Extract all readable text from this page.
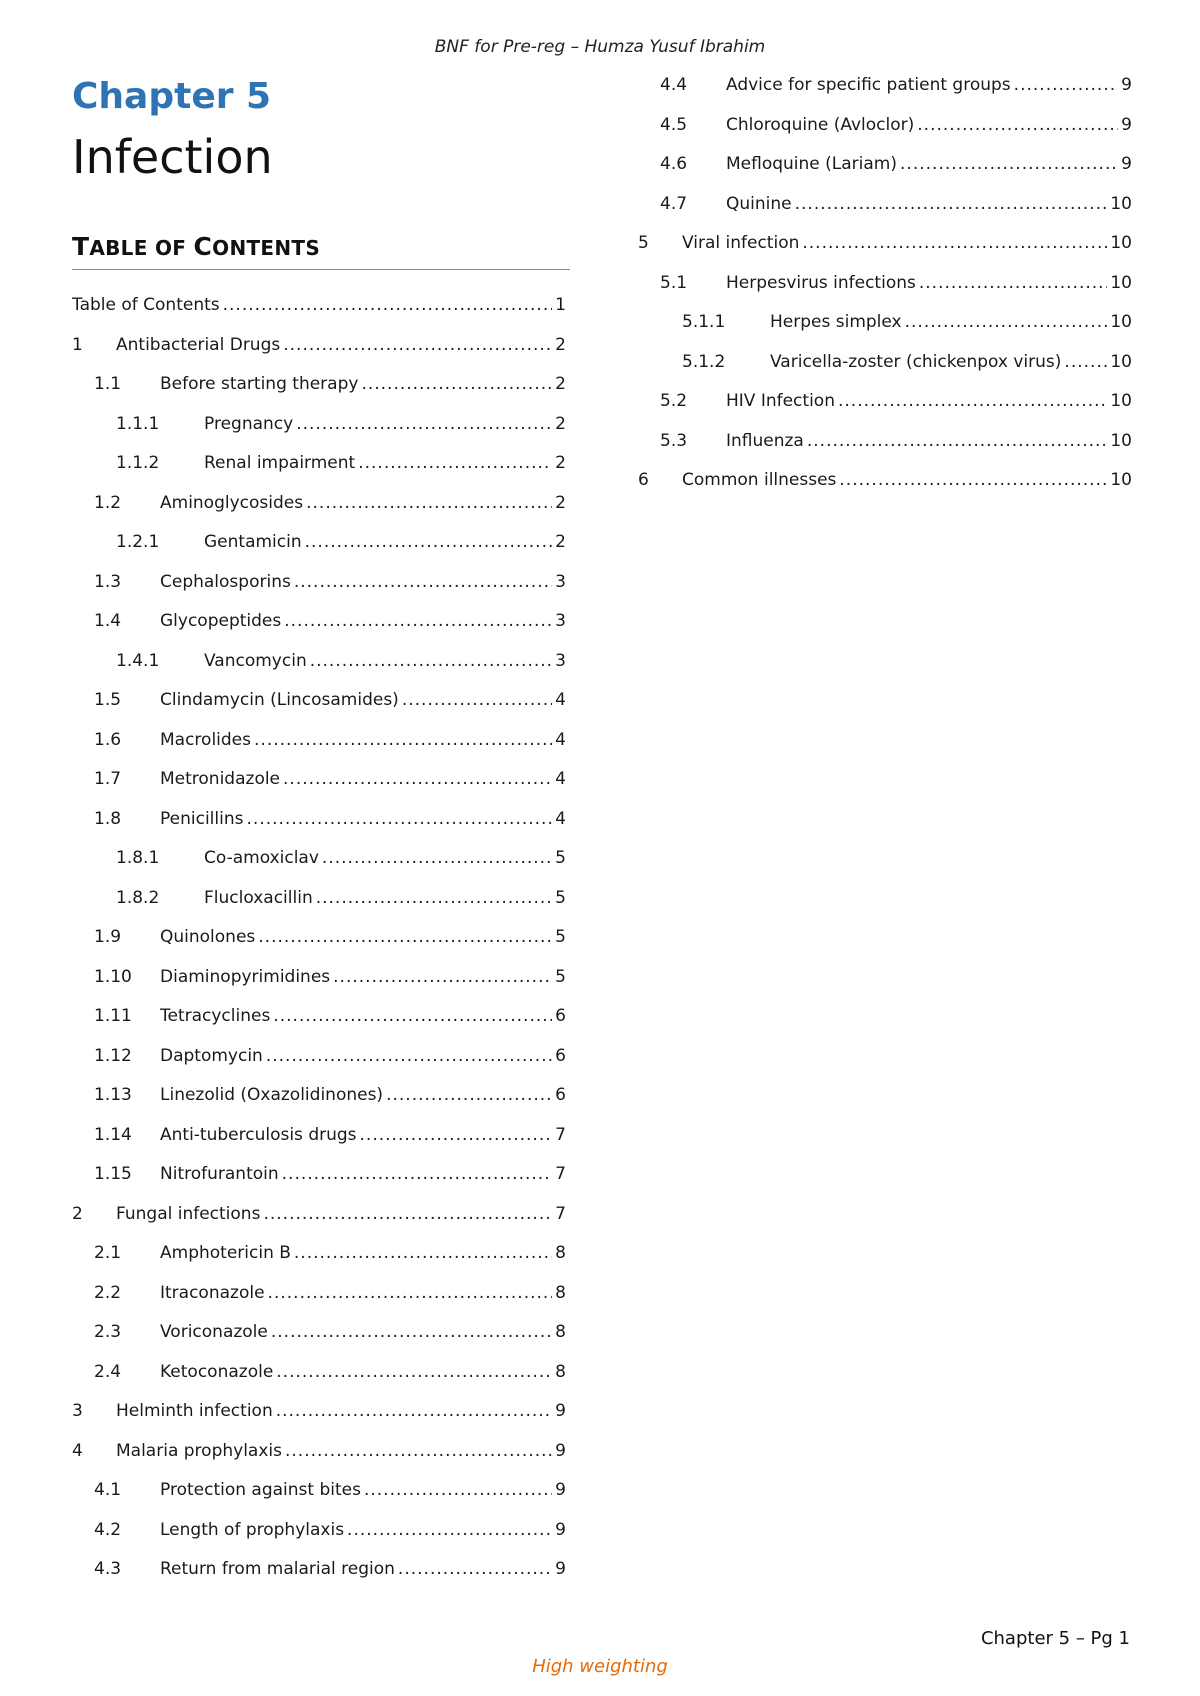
BNF for Pre-reg – Humza Yusuf Ibrahim
Chapter 5
Infection
TABLE OF CONTENTS
Table of Contents .....	1
1	Antibacterial Drugs .....	2
1.1	Before starting therapy .....	2
1.1.1	Pregnancy .....	2
1.1.2	Renal impairment .....	2
1.2	Aminoglycosides .....	2
1.2.1	Gentamicin .....	2
1.3	Cephalosporins .....	3
1.4	Glycopeptides .....	3
1.4.1	Vancomycin .....	3
1.5	Clindamycin (Lincosamides) .....	4
1.6	Macrolides .....	4
1.7	Metronidazole .....	4
1.8	Penicillins .....	4
1.8.1	Co-amoxiclav .....	5
1.8.2	Flucloxacillin .....	5
1.9	Quinolones .....	5
1.10	Diaminopyrimidines .....	5
1.11	Tetracyclines .....	6
1.12	Daptomycin .....	6
1.13	Linezolid (Oxazolidinones) .....	6
1.14	Anti-tuberculosis drugs .....	7
1.15	Nitrofurantoin .....	7
2	Fungal infections .....	7
2.1	Amphotericin B .....	8
2.2	Itraconazole .....	8
2.3	Voriconazole .....	8
2.4	Ketoconazole .....	8
3	Helminth infection .....	9
4	Malaria prophylaxis .....	9
4.1	Protection against bites .....	9
4.2	Length of prophylaxis .....	9
4.3	Return from malarial region .....	9
4.4	Advice for specific patient groups .....	9
4.5	Chloroquine (Avloclor) .....	9
4.6	Mefloquine (Lariam) .....	9
4.7	Quinine .....	10
5	Viral infection .....	10
5.1	Herpesvirus infections .....	10
5.1.1	Herpes simplex .....	10
5.1.2	Varicella-zoster (chickenpox virus) .....	10
5.2	HIV Infection .....	10
5.3	Influenza .....	10
6	Common illnesses .....	10
Chapter 5 – Pg 1
High weighting
